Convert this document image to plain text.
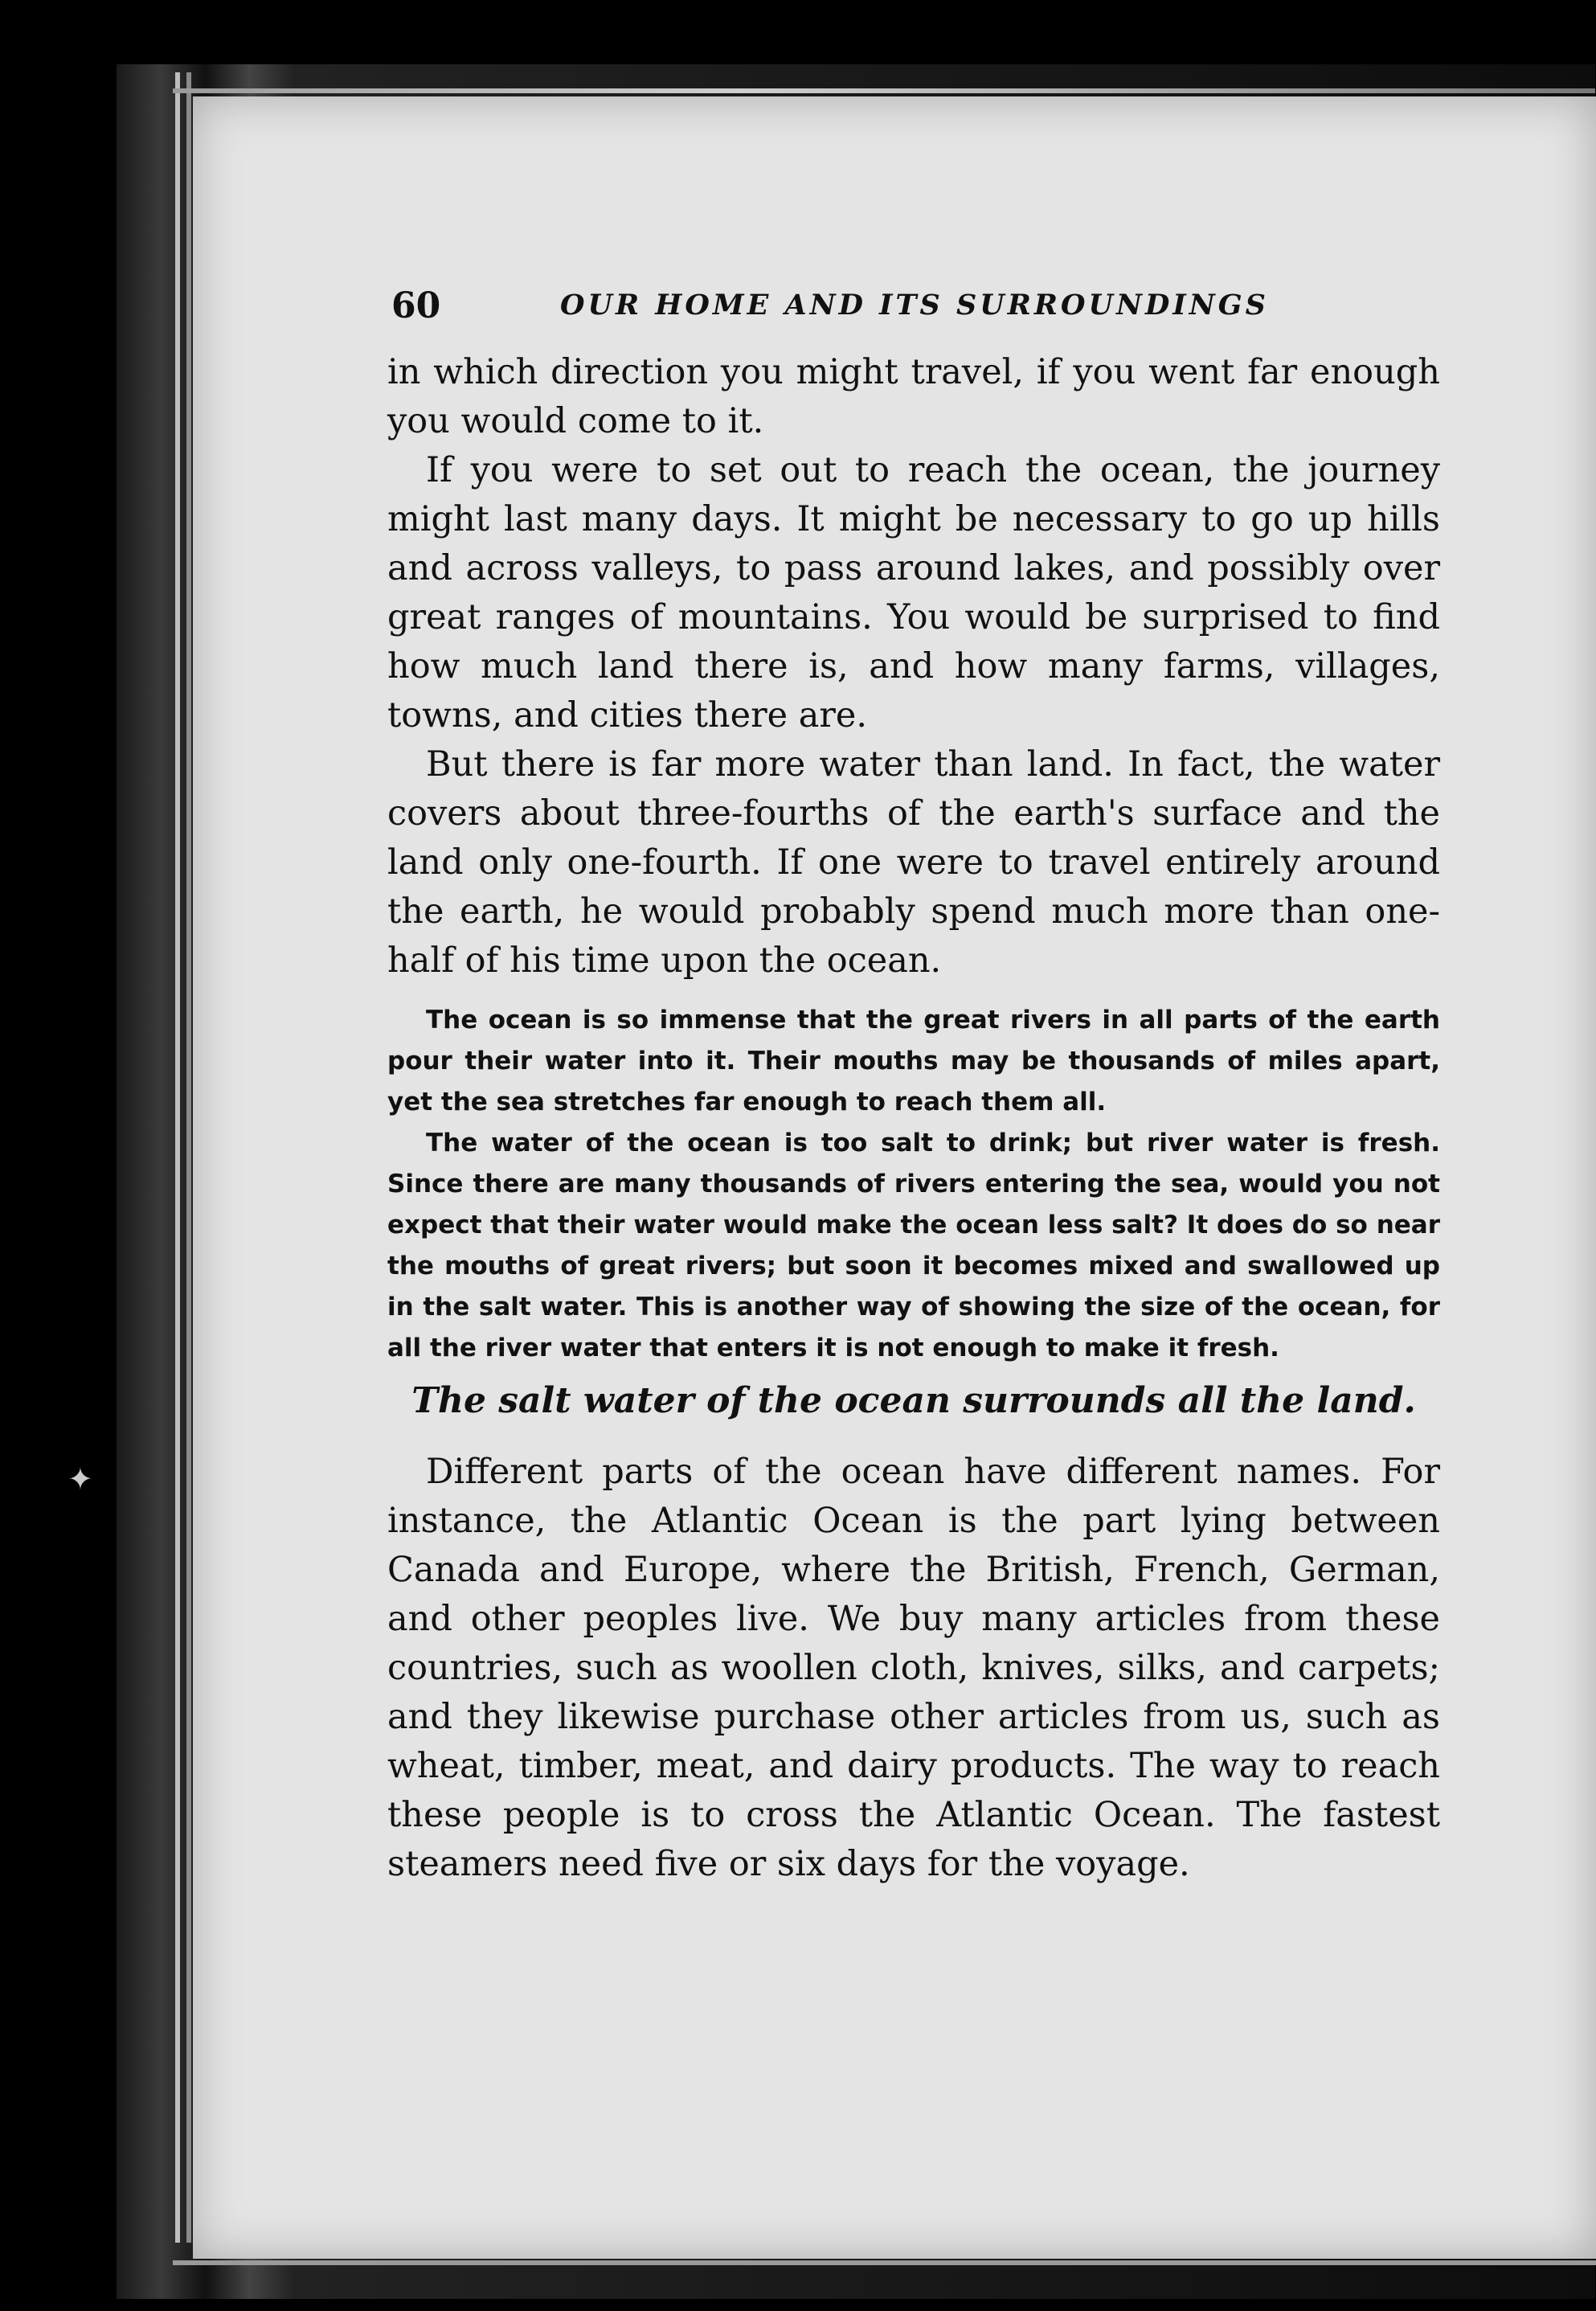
✦
60	OUR HOME AND ITS SURROUNDINGS

in which direction you might travel, if you went far enough you would come to it.

If you were to set out to reach the ocean, the journey might last many days. It might be necessary to go up hills and across valleys, to pass around lakes, and possibly over great ranges of mountains. You would be surprised to find how much land there is, and how many farms, villages, towns, and cities there are.

But there is far more water than land. In fact, the water covers about three-fourths of the earth's surface and the land only one-fourth. If one were to travel entirely around the earth, he would probably spend much more than one-half of his time upon the ocean.

The ocean is so immense that the great rivers in all parts of the earth pour their water into it. Their mouths may be thousands of miles apart, yet the sea stretches far enough to reach them all.

The water of the ocean is too salt to drink; but river water is fresh. Since there are many thousands of rivers entering the sea, would you not expect that their water would make the ocean less salt? It does do so near the mouths of great rivers; but soon it becomes mixed and swallowed up in the salt water. This is another way of showing the size of the ocean, for all the river water that enters it is not enough to make it fresh.

The salt water of the ocean surrounds all the land.

Different parts of the ocean have different names. For instance, the Atlantic Ocean is the part lying between Canada and Europe, where the British, French, German, and other peoples live. We buy many articles from these countries, such as woollen cloth, knives, silks, and carpets; and they likewise purchase other articles from us, such as wheat, timber, meat, and dairy products. The way to reach these people is to cross the Atlantic Ocean. The fastest steamers need five or six days for the voyage.
